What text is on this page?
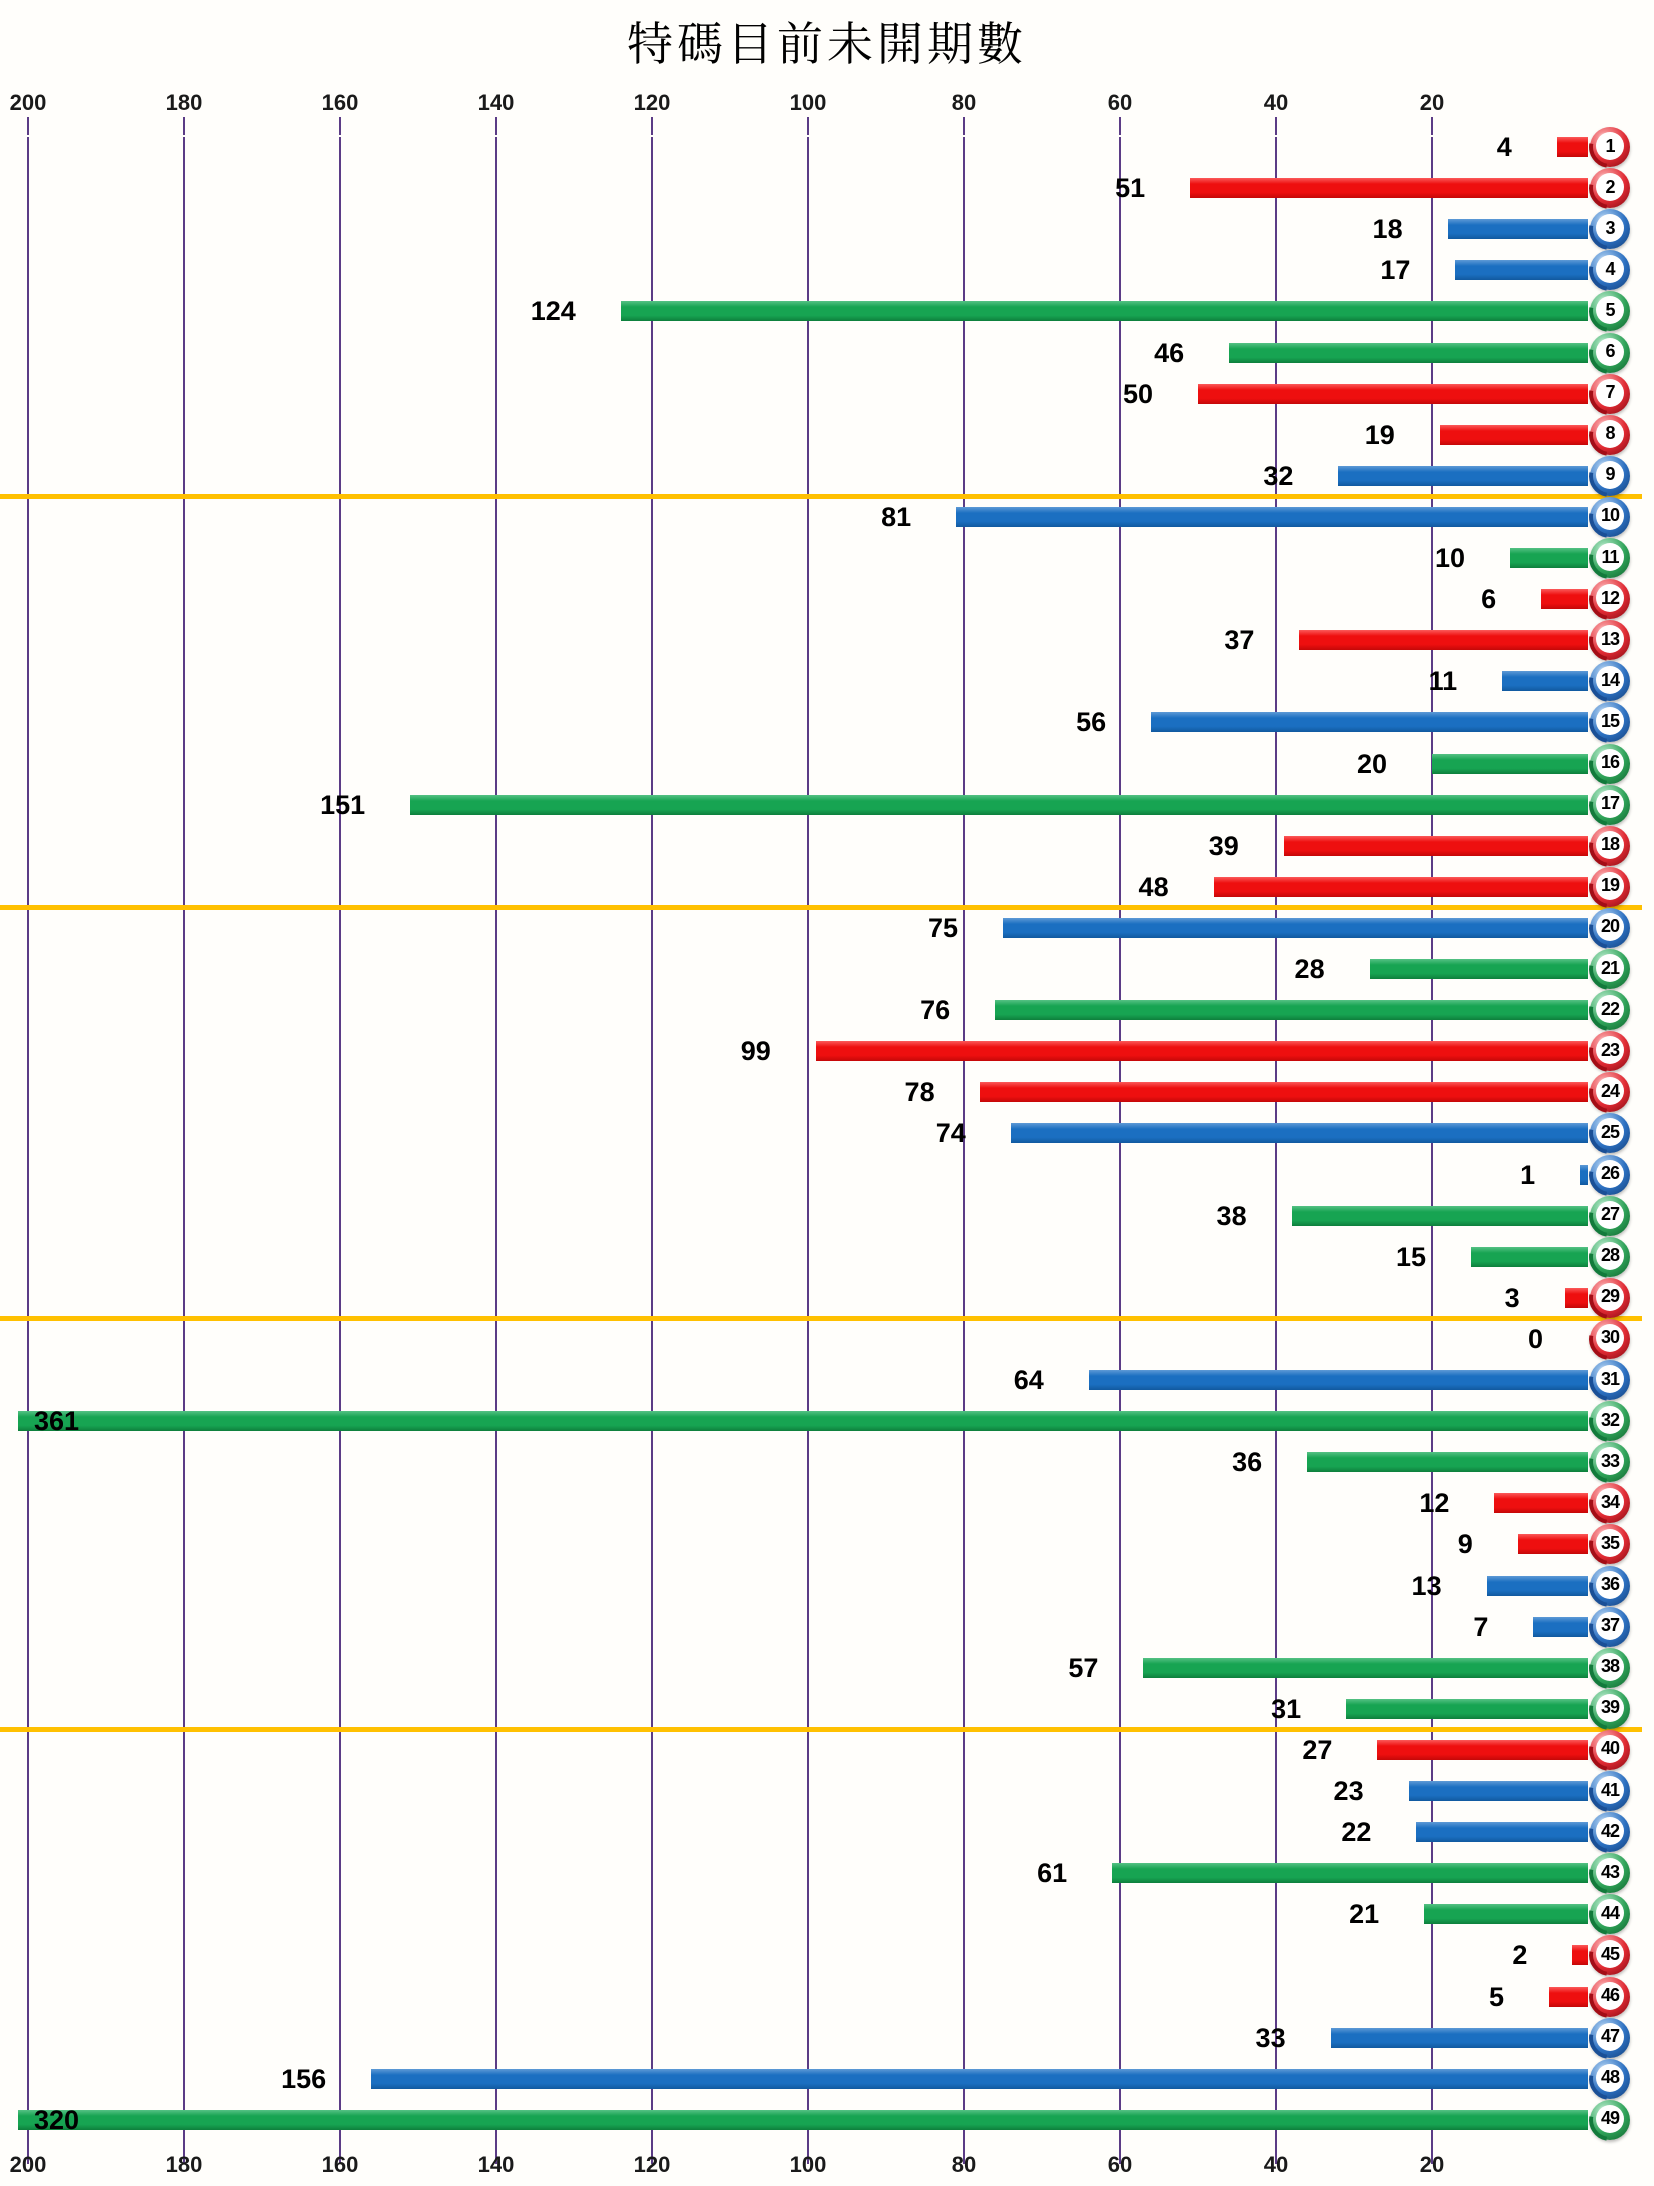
特碼目前未開期數
200	180	160	140	120	100	80	60	40	20
4	1
51	2
18	3
17	4
124	5
46	6
50	7
19	8
32	9
81	10
10	11
6	12
37	13
11	14
56	15
20	16
151	17
39	18
48	19
75	20
28	21
76	22
99	23
78	24
74	25
1	26
38	27
15	28
3	29
0	30
64	31
361	32
36	33
12	34
9	35
13	36
7	37
57	38
31	39
27	40
23	41
22	42
61	43
21	44
2	45
5	46
33	47
156	48
320	49
200	180	160	140	120	100	80	60	40	20
